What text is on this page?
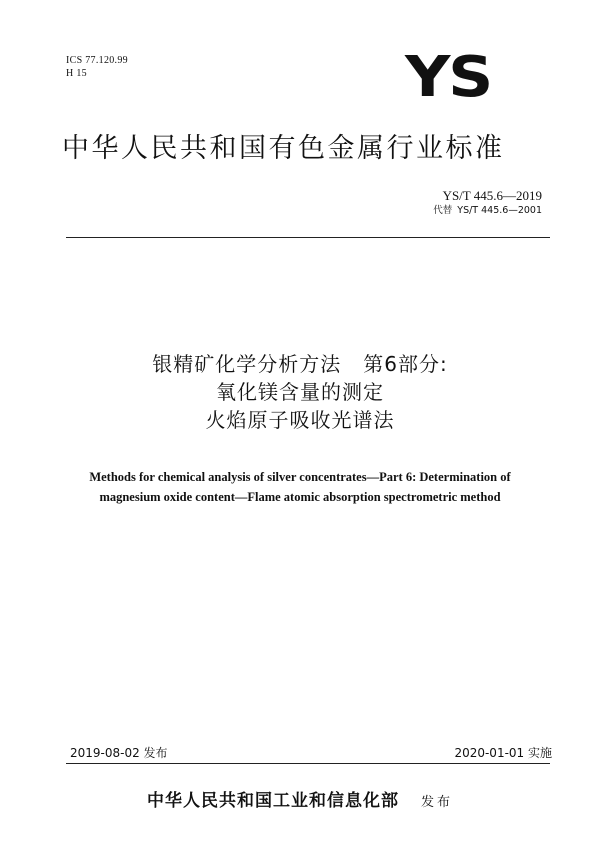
ICS 77.120.99
H 15	YS
中华人民共和国有色金属行业标准
YS/T 445.6—2019
代替 YS/T 445.6—2001
银精矿化学分析方法 第6部分:
氧化镁含量的测定
火焰原子吸收光谱法
Methods for chemical analysis of silver concentrates—Part 6: Determination of
magnesium oxide content—Flame atomic absorption spectrometric method
2019-08-02 发布	2020-01-01 实施
中华人民共和国工业和信息化部 发布
